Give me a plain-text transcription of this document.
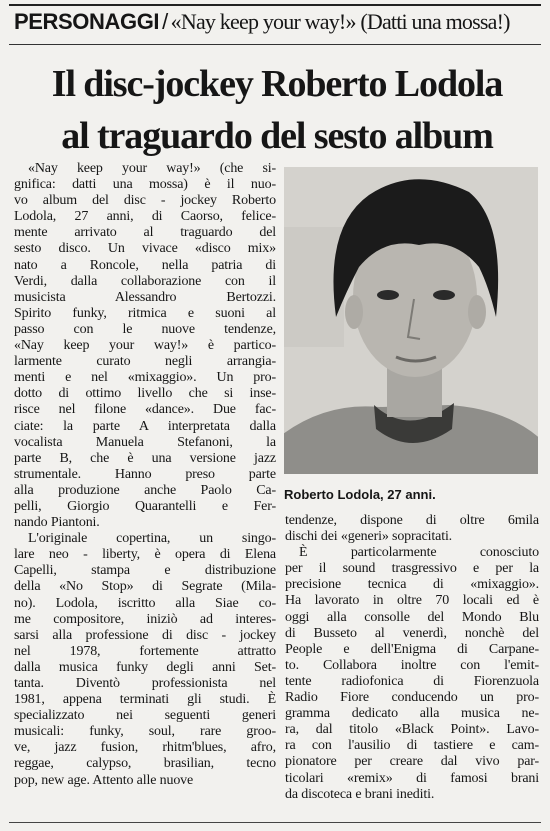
PERSONAGGI / «Nay keep your way!» (Datti una mossa!)
Il disc-jockey Roberto Lodola
al traguardo del sesto album
«Nay keep your way!» (che si-
gnifica: datti una mossa) è il nuo-
vo album del disc - jockey Roberto
Lodola, 27 anni, di Caorso, felice-
mente arrivato al traguardo del
sesto disco. Un vivace «disco mix»
nato a Roncole, nella patria di
Verdi, dalla collaborazione con il
musicista Alessandro Bertozzi.
Spirito funky, ritmica e suoni al
passo con le nuove tendenze,
«Nay keep your way!» è partico-
larmente curato negli arrangia-
menti e nel «mixaggio». Un pro-
dotto di ottimo livello che si inse-
risce nel filone «dance». Due fac-
ciate: la parte A interpretata dalla
vocalista Manuela Stefanoni, la
parte B, che è una versione jazz
strumentale. Hanno preso parte
alla produzione anche Paolo Ca-
pelli, Giorgio Quarantelli e Fer-
nando Piantoni.
L'originale copertina, un singo-
lare neo - liberty, è opera di Elena
Capelli, stampa e distribuzione
della «No Stop» di Segrate (Mila-
no). Lodola, iscritto alla Siae co-
me compositore, iniziò ad interes-
sarsi alla professione di disc - jockey
nel 1978, fortemente attratto
dalla musica funky degli anni Set-
tanta. Diventò professionista nel
1981, appena terminati gli studi. È
specializzato nei seguenti generi
musicali: funky, soul, rare groo-
ve, jazz fusion, rhitm'blues, afro,
reggae, calypso, brasilian, tecno
pop, new age. Attento alle nuove

Roberto Lodola, 27 anni.

tendenze, dispone di oltre 6mila
dischi dei «generi» sopracitati.
È particolarmente conosciuto
per il sound trasgressivo e per la
precisione tecnica di «mixaggio».
Ha lavorato in oltre 70 locali ed è
oggi alla consolle del Mondo Blu
di Busseto al venerdì, nonchè del
People e dell'Enigma di Carpane-
to. Collabora inoltre con l'emit-
tente radiofonica di Fiorenzuola
Radio Fiore conducendo un pro-
gramma dedicato alla musica ne-
ra, dal titolo «Black Point». Lavo-
ra con l'ausilio di tastiere e cam-
pionatore per creare dal vivo par-
ticolari «remix» di famosi brani
da discoteca e brani inediti.
